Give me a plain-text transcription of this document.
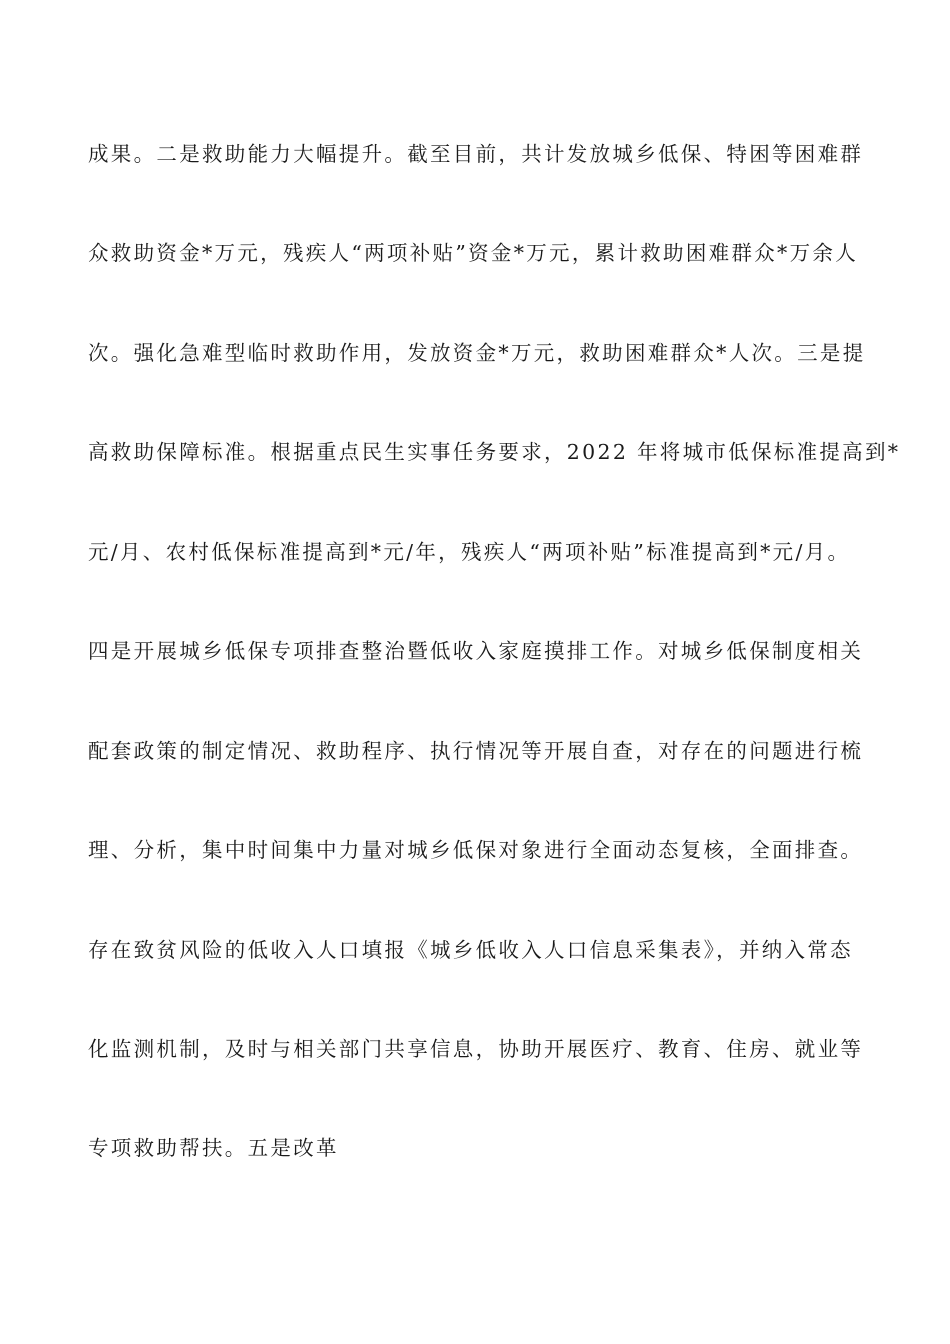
成果。二是救助能力大幅提升。截至目前，共计发放城乡低保、特困等困难群
众救助资金*万元，残疾人“两项补贴”资金*万元，累计救助困难群众*万余人
次。强化急难型临时救助作用，发放资金*万元，救助困难群众*人次。三是提
高救助保障标准。根据重点民生实事任务要求，2022 年将城市低保标准提高到*
元/月、农村低保标准提高到*元/年，残疾人“两项补贴”标准提高到*元/月。
四是开展城乡低保专项排查整治暨低收入家庭摸排工作。对城乡低保制度相关
配套政策的制定情况、救助程序、执行情况等开展自查，对存在的问题进行梳
理、分析，集中时间集中力量对城乡低保对象进行全面动态复核，全面排查。
存在致贫风险的低收入人口填报《城乡低收入人口信息采集表》，并纳入常态
化监测机制，及时与相关部门共享信息，协助开展医疗、教育、住房、就业等
专项救助帮扶。五是改革
